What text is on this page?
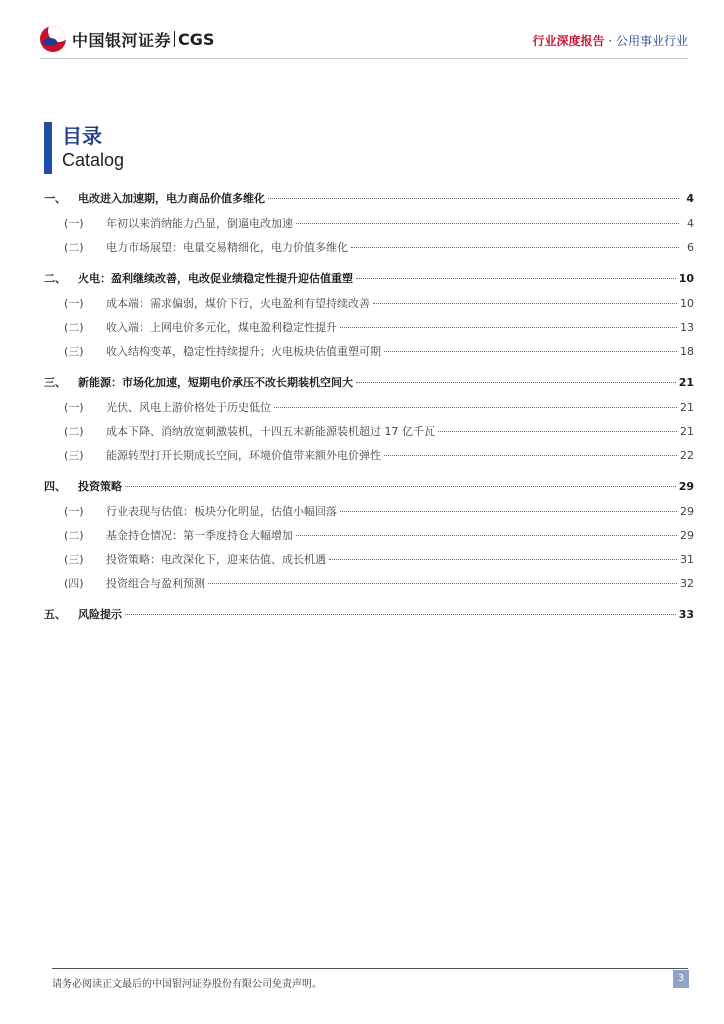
中国银河证券 CGS	行业深度报告 · 公用事业行业
目录
Catalog
一、	电改进入加速期，电力商品价值多维化	4
(一)	年初以来消纳能力凸显，倒逼电改加速	4
(二)	电力市场展望：电量交易精细化，电力价值多维化	6
二、	火电：盈利继续改善，电改促业绩稳定性提升迎估值重塑	10
(一)	成本端：需求偏弱，煤价下行，火电盈利有望持续改善	10
(二)	收入端：上网电价多元化，煤电盈利稳定性提升	13
(三)	收入结构变革，稳定性持续提升；火电板块估值重塑可期	18
三、	新能源：市场化加速，短期电价承压不改长期装机空间大	21
(一)	光伏、风电上游价格处于历史低位	21
(二)	成本下降、消纳放宽刺激装机，十四五末新能源装机超过 17 亿千瓦	21
(三)	能源转型打开长期成长空间，环境价值带来额外电价弹性	22
四、	投资策略	29
(一)	行业表现与估值：板块分化明显，估值小幅回落	29
(二)	基金持仓情况：第一季度持仓大幅增加	29
(三)	投资策略：电改深化下，迎来估值、成长机遇	31
(四)	投资组合与盈利预测	32
五、	风险提示	33
请务必阅读正文最后的中国银河证券股份有限公司免责声明。
3
